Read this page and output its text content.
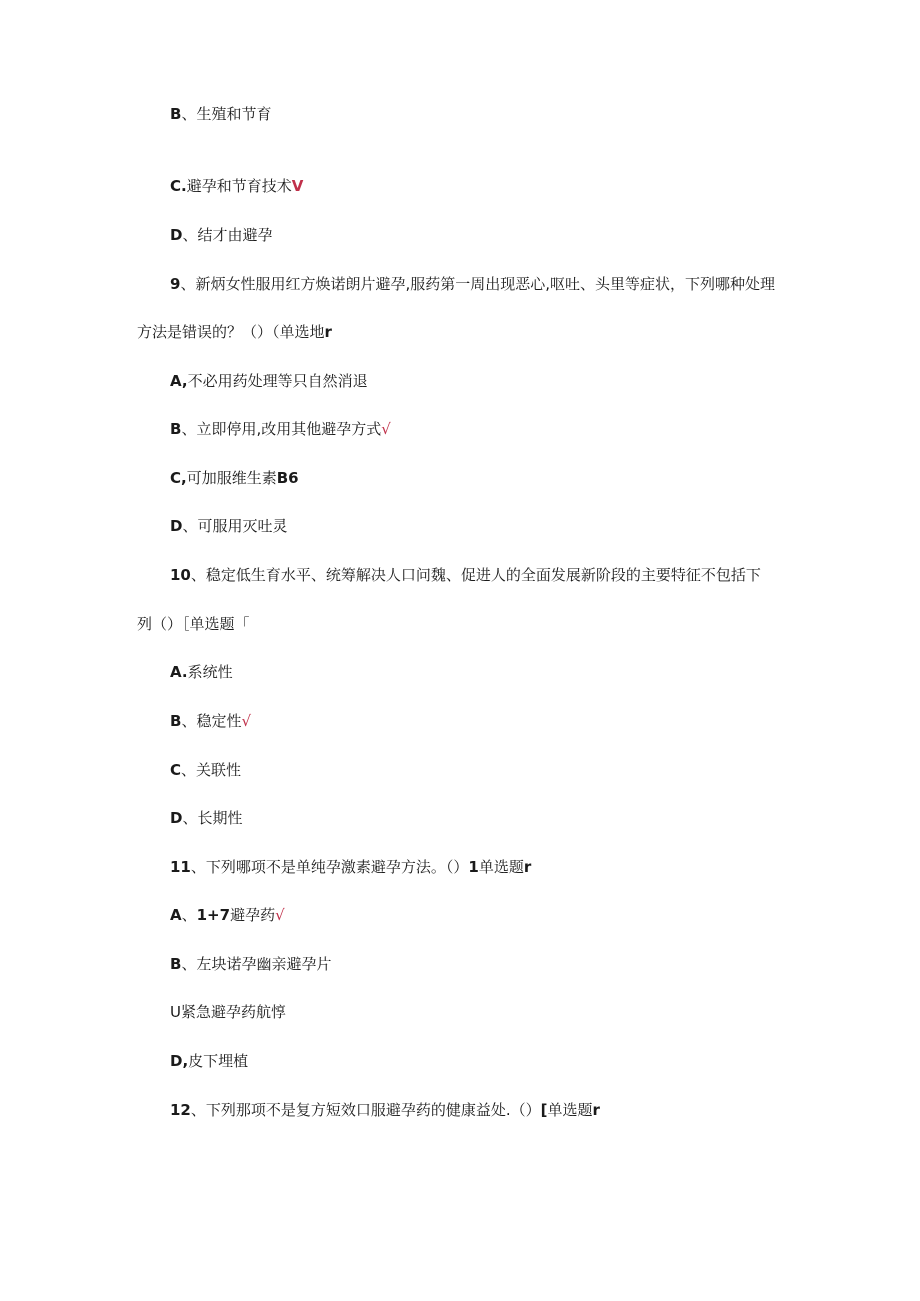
B、生殖和节育
C.避孕和节育技术V
D、结才由避孕
9、新炳女性服用红方焕诺朗片避孕,服药第一周出现恶心,呕吐、头里等症状，下列哪种处理
方法是错误的？（）（单选地r
A,不必用药处理等只自然消退
B、立即停用,改用其他避孕方式√
C,可加服维生素B6
D、可服用灭吐灵
10、稳定低生育水平、统筹解决人口问魏、促进人的全面发展新阶段的主要特征不包括下
列（）［单选题「
A.系统性
B、稳定性√
C、关联性
D、长期性
11、下列哪项不是单纯孕激素避孕方法。（）1单选题r
A、1+7避孕药√
B、左块诺孕幽亲避孕片
U紧急避孕药航惇
D,皮下埋植
12、下列那项不是复方短效口服避孕药的健康益处.（）[单选题r
